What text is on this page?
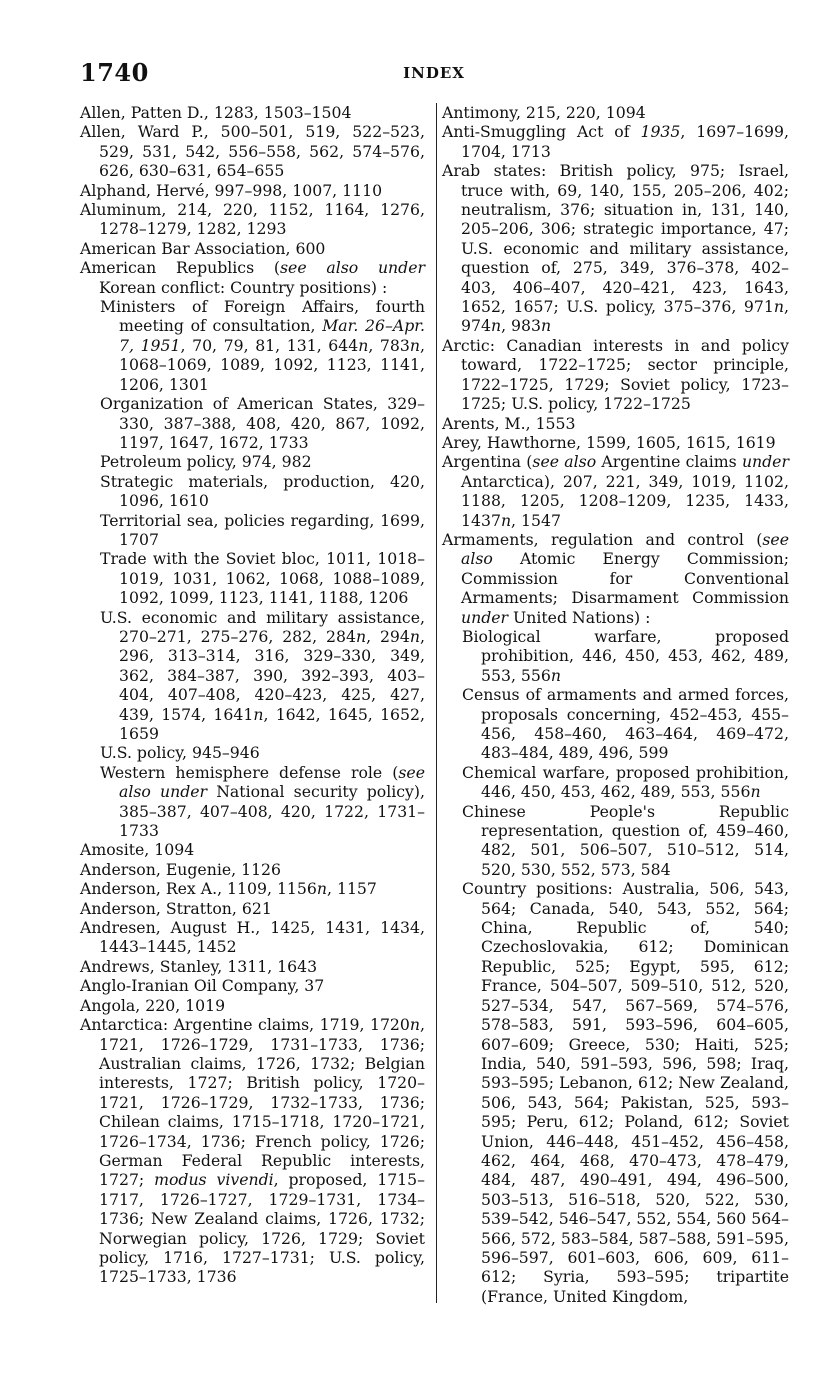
1740	INDEX

Allen, Patten D., 1283, 1503–1504

Allen, Ward P., 500–501, 519, 522–523, 529, 531, 542, 556–558, 562, 574–576, 626, 630–631, 654–655

Alphand, Hervé, 997–998, 1007, 1110

Aluminum, 214, 220, 1152, 1164, 1276, 1278–1279, 1282, 1293

American Bar Association, 600

American Republics (see also under Korean conflict: Country positions) :

Ministers of Foreign Affairs, fourth meeting of consultation, Mar. 26–Apr. 7, 1951, 70, 79, 81, 131, 644n, 783n, 1068–1069, 1089, 1092, 1123, 1141, 1206, 1301

Organization of American States, 329–330, 387–388, 408, 420, 867, 1092, 1197, 1647, 1672, 1733

Petroleum policy, 974, 982

Strategic materials, production, 420, 1096, 1610

Territorial sea, policies regarding, 1699, 1707

Trade with the Soviet bloc, 1011, 1018–1019, 1031, 1062, 1068, 1088–1089, 1092, 1099, 1123, 1141, 1188, 1206

U.S. economic and military assistance, 270–271, 275–276, 282, 284n, 294n, 296, 313–314, 316, 329–330, 349, 362, 384–387, 390, 392–393, 403–404, 407–408, 420–423, 425, 427, 439, 1574, 1641n, 1642, 1645, 1652, 1659

U.S. policy, 945–946

Western hemisphere defense role (see also under National security policy), 385–387, 407–408, 420, 1722, 1731–1733

Amosite, 1094

Anderson, Eugenie, 1126

Anderson, Rex A., 1109, 1156n, 1157

Anderson, Stratton, 621

Andresen, August H., 1425, 1431, 1434, 1443–1445, 1452

Andrews, Stanley, 1311, 1643

Anglo-Iranian Oil Company, 37

Angola, 220, 1019

Antarctica: Argentine claims, 1719, 1720n, 1721, 1726–1729, 1731–1733, 1736; Australian claims, 1726, 1732; Belgian interests, 1727; British policy, 1720–1721, 1726–1729, 1732–1733, 1736; Chilean claims, 1715–1718, 1720–1721, 1726–1734, 1736; French policy, 1726; German Federal Republic interests, 1727; modus vivendi, proposed, 1715–1717, 1726–1727, 1729–1731, 1734–1736; New Zealand claims, 1726, 1732; Norwegian policy, 1726, 1729; Soviet policy, 1716, 1727–1731; U.S. policy, 1725–1733, 1736

Antimony, 215, 220, 1094

Anti-Smuggling Act of 1935, 1697–1699, 1704, 1713

Arab states: British policy, 975; Israel, truce with, 69, 140, 155, 205–206, 402; neutralism, 376; situation in, 131, 140, 205–206, 306; strategic importance, 47; U.S. economic and military assistance, question of, 275, 349, 376–378, 402–403, 406–407, 420–421, 423, 1643, 1652, 1657; U.S. policy, 375–376, 971n, 974n, 983n

Arctic: Canadian interests in and policy toward, 1722–1725; sector principle, 1722–1725, 1729; Soviet policy, 1723–1725; U.S. policy, 1722–1725

Arents, M., 1553

Arey, Hawthorne, 1599, 1605, 1615, 1619

Argentina (see also Argentine claims under Antarctica), 207, 221, 349, 1019, 1102, 1188, 1205, 1208–1209, 1235, 1433, 1437n, 1547

Armaments, regulation and control (see also Atomic Energy Commission; Commission for Conventional Armaments; Disarmament Commission under United Nations) :

Biological warfare, proposed prohibition, 446, 450, 453, 462, 489, 553, 556n

Census of armaments and armed forces, proposals concerning, 452–453, 455–456, 458–460, 463–464, 469–472, 483–484, 489, 496, 599

Chemical warfare, proposed prohibition, 446, 450, 453, 462, 489, 553, 556n

Chinese People's Republic representation, question of, 459–460, 482, 501, 506–507, 510–512, 514, 520, 530, 552, 573, 584

Country positions: Australia, 506, 543, 564; Canada, 540, 543, 552, 564; China, Republic of, 540; Czechoslovakia, 612; Dominican Republic, 525; Egypt, 595, 612; France, 504–507, 509–510, 512, 520, 527–534, 547, 567–569, 574–576, 578–583, 591, 593–596, 604–605, 607–609; Greece, 530; Haiti, 525; India, 540, 591–593, 596, 598; Iraq, 593–595; Lebanon, 612; New Zealand, 506, 543, 564; Pakistan, 525, 593–595; Peru, 612; Poland, 612; Soviet Union, 446–448, 451–452, 456–458, 462, 464, 468, 470–473, 478–479, 484, 487, 490–491, 494, 496–500, 503–513, 516–518, 520, 522, 530, 539–542, 546–547, 552, 554, 560 564–566, 572, 583–584, 587–588, 591–595, 596–597, 601–603, 606, 609, 611–612; Syria, 593–595; tripartite (France, United Kingdom,
